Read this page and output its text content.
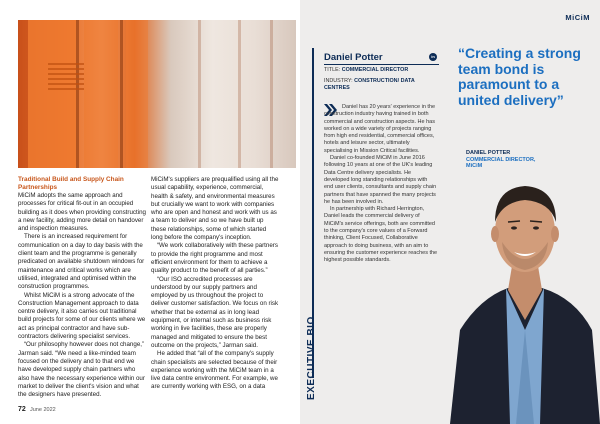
Traditional Build and Supply Chain Partnerships

MiCiM adopts the same approach and processes for critical fit-out in an occupied building as it does when providing constructing a new facility, adding more detail on handover and inspection measures.

There is an increased requirement for communication on a day to day basis with the client team and the programme is generally predicated on available shutdown windows for maintenance and critical works which are utilised, integrated and optimised within the construction programmes.

Whilst MiCiM is a strong advocate of the Construction Management approach to data centre delivery, it also carries out traditional build projects for some of our clients where we act as principal contractor and have sub-contractors delivering specialist services.

“Our philosophy however does not change,” Jarman said. “We need a like-minded team focused on the delivery and to that end we have developed supply chain partners who also have the necessary experience within our market to deliver the client's vision and what the designers have presented.

MiCiM's suppliers are prequalified using all the usual capability, experience, commercial, health & safety, and environmental measures but crucially we want to work with companies who are open and honest and work with us as a team to deliver and so we have built up these relationships, some of which started long before the company's inception.

“We work collaboratively with these partners to provide the right programme and most efficient environment for them to achieve a quality product to the benefit of all parties.”

“Our ISO accredited processes are understood by our supply partners and employed by us throughout the project to deliver customer satisfaction. We focus on risk whether that be external as in long lead equipment, or internal such as business risk working in live facilities, these are properly managed and mitigated to ensure the best outcome on the projects,” Jarman said.

He added that “all of the company's supply chain specialists are selected because of their experience working with the MiCiM team in a live data centre environment. For example, we are currently working with ESG, on a data

72 June 2022
MiCiM
EXECUTIVE BIO
Daniel Potter	in
TITLE: COMMERCIAL DIRECTOR
INDUSTRY: CONSTRUCTION/ DATA CENTRES

Daniel has 20 years' experience in the construction industry having trained in both commercial and construction aspects. He has worked on a wide variety of projects ranging from high end residential, commercial offices, hotels and leisure sector, ultimately specialising in Mission Critical facilities.

Daniel co-founded MiCiM in June 2016 following 10 years at one of the UK's leading Data Centre delivery specialists. He developed long standing relationships with end user clients, consultants and supply chain partners that have spanned the many projects he has been involved in.

In partnership with Richard Herrington, Daniel leads the commercial delivery of MiCiM's service offerings, both are committed to the company's core values of a Forward thinking, Client Focused, Collaborative approach to doing business, with an aim to ensuring the customer experience reaches the highest possible standards.

“Creating a strong team bond is paramount to a united delivery”
DANIEL POTTER
COMMERCIAL DIRECTOR,
MiCiM
